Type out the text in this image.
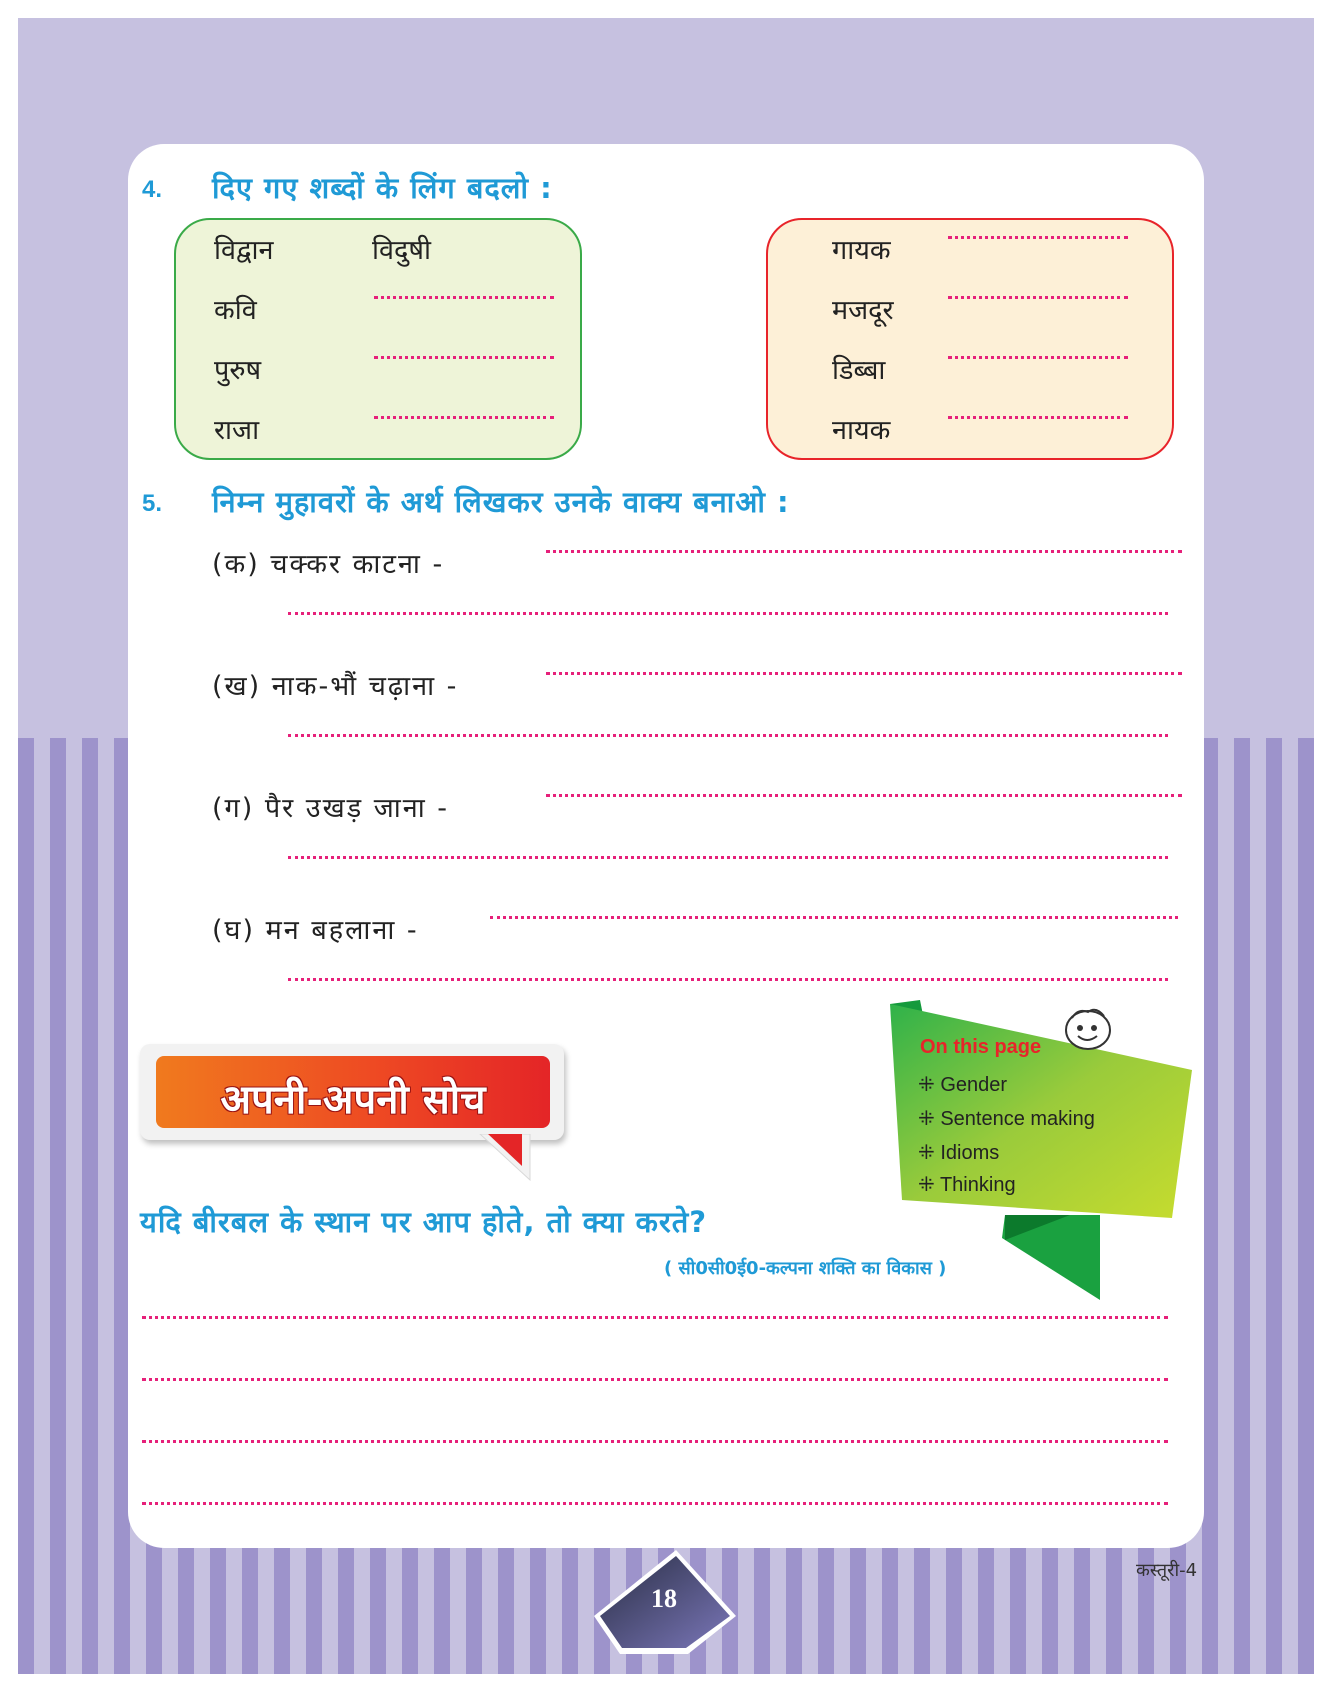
4. दिए गए शब्दों के लिंग बदलो :
विद्वान	विदुषी
कवि
पुरुष
राजा
गायक
मजदूर
डिब्बा
नायक
5. निम्न मुहावरों के अर्थ लिखकर उनके वाक्य बनाओ :
(क) चक्कर काटना -
(ख) नाक-भौं चढ़ाना -
(ग) पैर उखड़ जाना -
(घ) मन बहलाना -
अपनी-अपनी सोच
On this page
⁜ Gender
⁜ Sentence making
⁜ Idioms
⁜ Thinking
यदि बीरबल के स्थान पर आप होते, तो क्या करते?
( सी0सी0ई0-कल्पना शक्ति का विकास )
18
कस्तूरी-4
